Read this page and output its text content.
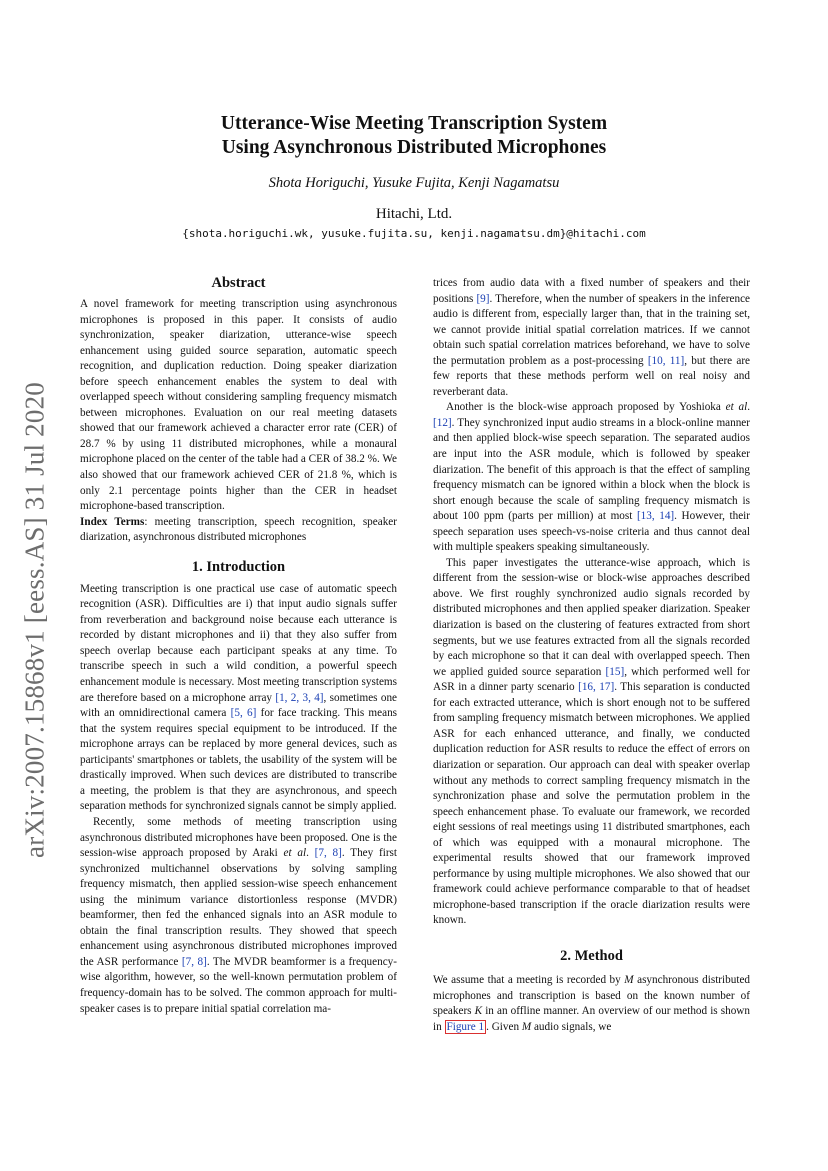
arXiv:2007.15868v1 [eess.AS] 31 Jul 2020
Utterance-Wise Meeting Transcription System
Using Asynchronous Distributed Microphones
Shota Horiguchi, Yusuke Fujita, Kenji Nagamatsu
Hitachi, Ltd.
{shota.horiguchi.wk, yusuke.fujita.su, kenji.nagamatsu.dm}@hitachi.com
Abstract

A novel framework for meeting transcription using asynchronous microphones is proposed in this paper. It consists of audio synchronization, speaker diarization, utterance-wise speech enhancement using guided source separation, automatic speech recognition, and duplication reduction. Doing speaker diarization before speech enhancement enables the system to deal with overlapped speech without considering sampling frequency mismatch between microphones. Evaluation on our real meeting datasets showed that our framework achieved a character error rate (CER) of 28.7 % by using 11 distributed microphones, while a monaural microphone placed on the center of the table had a CER of 38.2 %. We also showed that our framework achieved CER of 21.8 %, which is only 2.1 percentage points higher than the CER in headset microphone-based transcription.

Index Terms: meeting transcription, speech recognition, speaker diarization, asynchronous distributed microphones

1. Introduction

Meeting transcription is one practical use case of automatic speech recognition (ASR). Difficulties are i) that input audio signals suffer from reverberation and background noise because each utterance is recorded by distant microphones and ii) that they also suffer from speech overlap because each participant speaks at any time. To transcribe speech in such a wild condition, a powerful speech enhancement module is necessary. Most meeting transcription systems are therefore based on a microphone array [1, 2, 3, 4], sometimes one with an omnidirectional camera [5, 6] for face tracking. This means that the system requires special equipment to be introduced. If the microphone arrays can be replaced by more general devices, such as participants' smartphones or tablets, the usability of the system will be drastically improved. When such devices are distributed to transcribe a meeting, the problem is that they are asynchronous, and speech separation methods for synchronized signals cannot be simply applied.

Recently, some methods of meeting transcription using asynchronous distributed microphones have been proposed. One is the session-wise approach proposed by Araki et al. [7, 8]. They first synchronized multichannel observations by solving sampling frequency mismatch, then applied session-wise speech enhancement using the minimum variance distortionless response (MVDR) beamformer, then fed the enhanced signals into an ASR module to obtain the final transcription results. They showed that speech enhancement using asynchronous distributed microphones improved the ASR performance [7, 8]. The MVDR beamformer is a frequency-wise algorithm, however, so the well-known permutation problem of frequency-domain has to be solved. The common approach for multi-speaker cases is to prepare initial spatial correlation ma-

trices from audio data with a fixed number of speakers and their positions [9]. Therefore, when the number of speakers in the inference audio is different from, especially larger than, that in the training set, we cannot provide initial spatial correlation matrices. If we cannot obtain such spatial correlation matrices beforehand, we have to solve the permutation problem as a post-processing [10, 11], but there are few reports that these methods perform well on real noisy and reverberant data.

Another is the block-wise approach proposed by Yoshioka et al. [12]. They synchronized input audio streams in a block-online manner and then applied block-wise speech separation. The separated audios are input into the ASR module, which is followed by speaker diarization. The benefit of this approach is that the effect of sampling frequency mismatch can be ignored within a block when the block is short enough because the scale of sampling frequency mismatch is about 100 ppm (parts per million) at most [13, 14]. However, their speech separation uses speech-vs-noise criteria and thus cannot deal with multiple speakers speaking simultaneously.

This paper investigates the utterance-wise approach, which is different from the session-wise or block-wise approaches described above. We first roughly synchronized audio signals recorded by distributed microphones and then applied speaker diarization. Speaker diarization is based on the clustering of features extracted from short segments, but we use features extracted from all the signals recorded by each microphone so that it can deal with overlapped speech. Then we applied guided source separation [15], which performed well for ASR in a dinner party scenario [16, 17]. This separation is conducted for each extracted utterance, which is short enough not to be suffered from sampling frequency mismatch between microphones. We applied ASR for each enhanced utterance, and finally, we conducted duplication reduction for ASR results to reduce the effect of errors on diarization or separation. Our approach can deal with speaker overlap without any methods to correct sampling frequency mismatch in the synchronization phase and solve the permutation problem in the speech enhancement phase. To evaluate our framework, we recorded eight sessions of real meetings using 11 distributed smartphones, each of which was equipped with a monaural microphone. The experimental results showed that our framework improved performance by using multiple microphones. We also showed that our framework could achieve performance comparable to that of headset microphone-based transcription if the oracle diarization results were known.

2. Method

We assume that a meeting is recorded by M asynchronous distributed microphones and transcription is based on the known number of speakers K in an offline manner. An overview of our method is shown in Figure 1 . Given M audio signals, we
